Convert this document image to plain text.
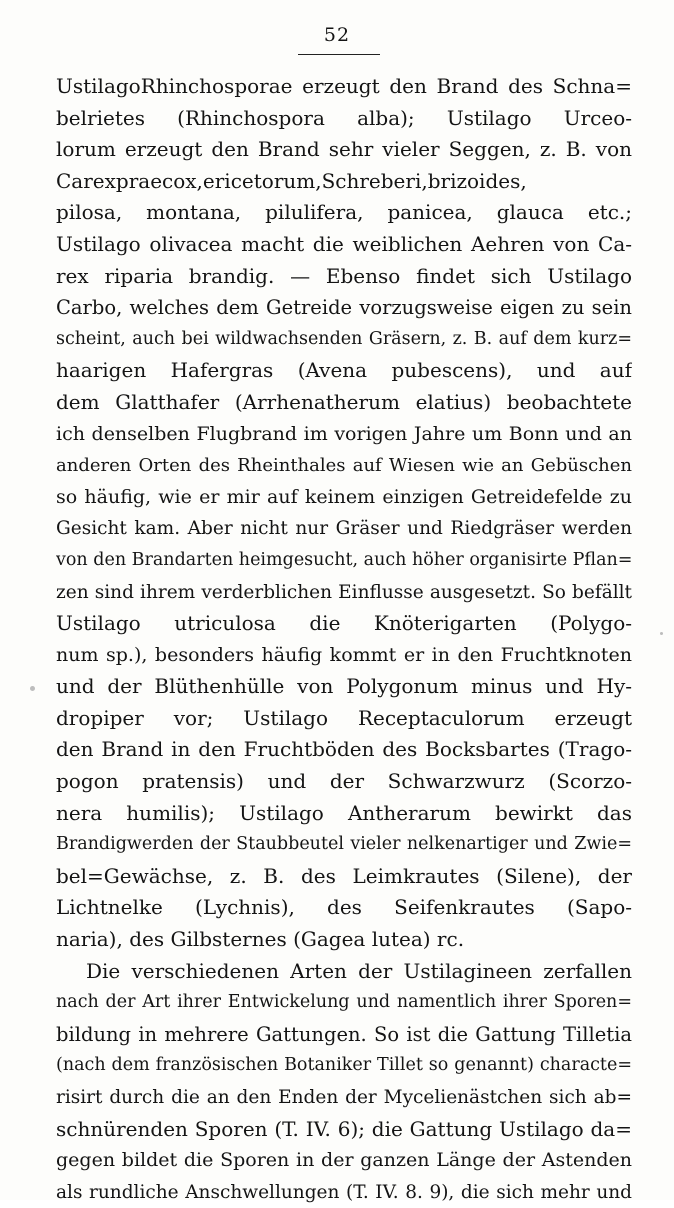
52
UstilagoRhinchosporae erzeugt den Brand des Schna=
belrietes (Rhinchospora alba); Ustilago Urceo-
lorum erzeugt den Brand sehr vieler Seggen, z. B. von
Carexpraecox,ericetorum,Schreberi,brizoides,
pilosa, montana, pilulifera, panicea, glauca etc.;
Ustilago olivacea macht die weiblichen Aehren von Ca-
rex riparia brandig. — Ebenso findet sich Ustilago
Carbo, welches dem Getreide vorzugsweise eigen zu sein
scheint, auch bei wildwachsenden Gräsern, z. B. auf dem kurz=
haarigen Hafergras (Avena pubescens), und auf
dem Glatthafer (Arrhenatherum elatius) beobachtete
ich denselben Flugbrand im vorigen Jahre um Bonn und an
anderen Orten des Rheinthales auf Wiesen wie an Gebüschen
so häufig, wie er mir auf keinem einzigen Getreidefelde zu
Gesicht kam. Aber nicht nur Gräser und Riedgräser werden
von den Brandarten heimgesucht, auch höher organisirte Pflan=
zen sind ihrem verderblichen Einflusse ausgesetzt. So befällt
Ustilago utriculosa die Knöterigarten (Polygo-
num sp.), besonders häufig kommt er in den Fruchtknoten
und der Blüthenhülle von Polygonum minus und Hy-
dropiper vor; Ustilago Receptaculorum erzeugt
den Brand in den Fruchtböden des Bocksbartes (Trago-
pogon pratensis) und der Schwarzwurz (Scorzo-
nera humilis); Ustilago Antherarum bewirkt das
Brandigwerden der Staubbeutel vieler nelkenartiger und Zwie=
bel=Gewächse, z. B. des Leimkrautes (Silene), der
Lichtnelke (Lychnis), des Seifenkrautes (Sapo-
naria), des Gilbsternes (Gagea lutea) rc.
Die verschiedenen Arten der Ustilagineen zerfallen
nach der Art ihrer Entwickelung und namentlich ihrer Sporen=
bildung in mehrere Gattungen. So ist die Gattung Tilletia
(nach dem französischen Botaniker Tillet so genannt) characte=
risirt durch die an den Enden der Mycelienästchen sich ab=
schnürenden Sporen (T. IV. 6); die Gattung Ustilago da=
gegen bildet die Sporen in der ganzen Länge der Astenden
als rundliche Anschwellungen (T. IV. 8. 9), die sich mehr und
